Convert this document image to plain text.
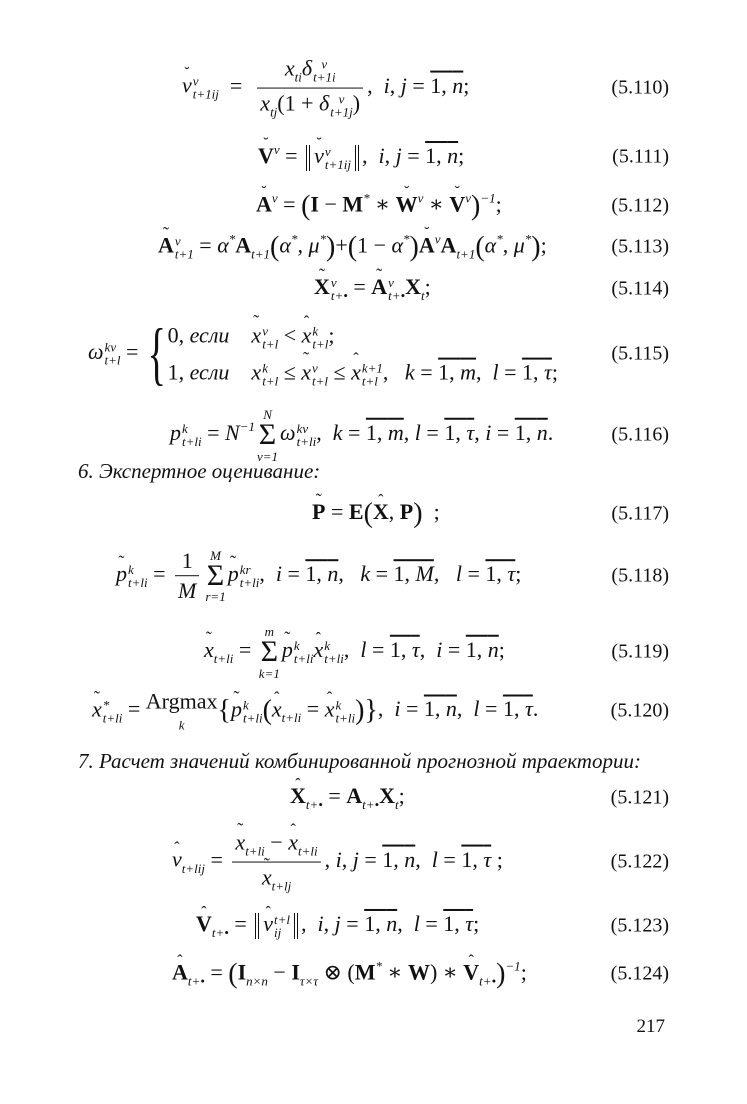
˘ v v
$t+1ij = x_{ti}\delta$ v
t+1i
$x_{tj}(1 + \delta$ v
t+1j ) ,  i, j = 1, n;	(5.110)
˘ $V^v$ = ˘ v v
t+1ij ,  i, j = 1, n;	(5.111)
˘ $A^v = (I - M^*$ ∗ ˘ $W^v$ ∗ ˘ $V^v)^{-1}$;	(5.112)
˜ A v
$t+1 = \alpha^*A_{t+1}(\alpha^*$, μ*)+(1 − α*)˘ $A^vA_{t+1}(\alpha^*$, μ*);	(5.113)
˜ X v
t+• = ˜ A v
t+• $X_t$;	(5.114)
ω kv
t+l = { 0, если ˜ x v
t+l < ˆ x k
t+l ;
1, если x k
t+l ≤ ˜ x v
t+l ≤ ˆ x k+1
t+l ,   k = 1, m,  l = 1, τ;
(5.115)
p k
$t+li = N^{-1}$
N
Σ
v=1
ω kv
t+li ,  k = 1, m, l = 1, τ, i = 1, n.	(5.116)
6. Экспертное оценивание:
˜ P = E(ˆ X, P)  ;	(5.117)
˜ p k
$t+li = \frac{1}{M}$ M
Σ
r=1
˜ p kr
t+li ,  i = 1, n,   k = 1, M,   l = 1, τ;	(5.118)
˜ $x_{t+li}$ =
m
Σ
k=1
˜ p k
t+li ˆ x k
t+li ,  l = 1, τ,  i = 1, n;	(5.119)
˜ x *
t+li = Argmax
k	{˜ p k
t+li (ˆ $x_{t+li}$ = ˆ x k
t+li )},  i = 1, n,  l = 1, τ.	(5.120)
7. Расчет значений комбинированной прогнозной траектории:
ˆ $X_{t+•} = A_{t+•}X_t$;	(5.121)
ˆ $v_{t+lij}$ = ˜ $x_{t+li}$ − ˆ $x_{t+li}$
˜ $x_{t+lj}$ , i, j = 1, n,  l = 1, τ ;	(5.122)
ˆ $V_{t+•}$ = ˆ v t+l
ij ,  i, j = 1, n,  l = 1, τ;	(5.123)
ˆ $A_{t+•} = (I_{n\times n} - I_{\tau\times\tau}$ ⊗ (M* ∗ W) ∗ ˆ $V_{t+•})^{-1}$;	(5.124)
217
